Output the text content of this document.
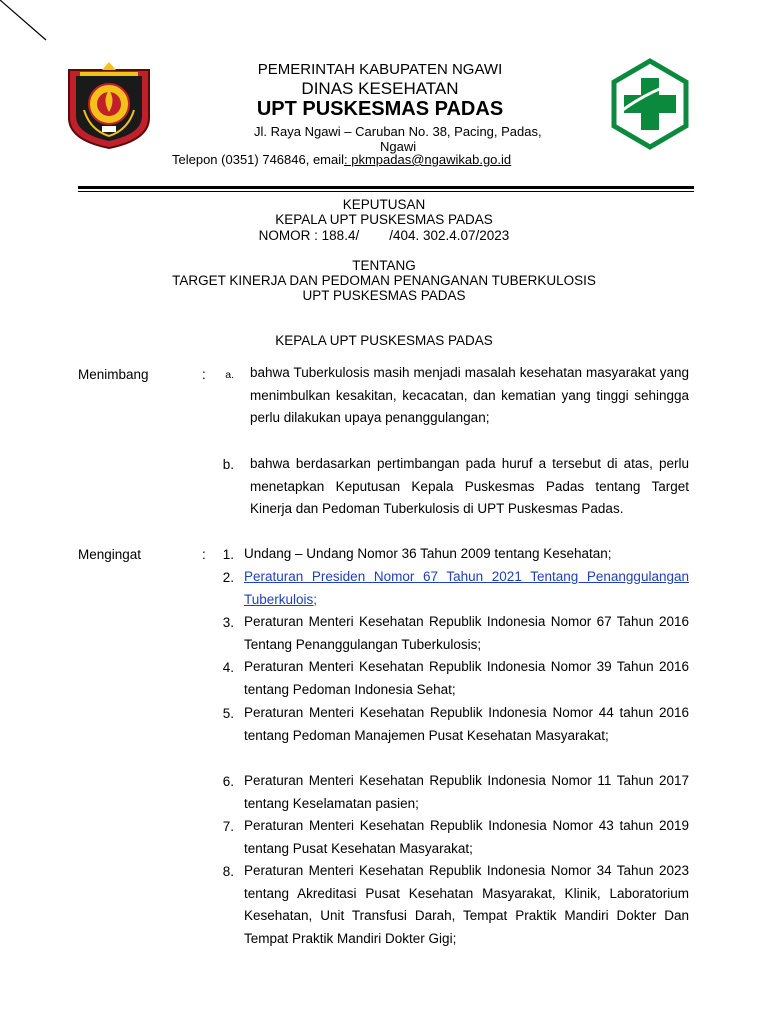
PEMERINTAH KABUPATEN NGAWI
DINAS KESEHATAN
UPT PUSKESMAS PADAS
Jl. Raya Ngawi – Caruban No. 38, Pacing, Padas,
Ngawi
Telepon (0351) 746846, email: pkmpadas@ngawikab.go.id
KEPUTUSAN
KEPALA UPT PUSKESMAS PADAS
NOMOR : 188.4/        /404. 302.4.07/2023
TENTANG
TARGET KINERJA DAN PEDOMAN PENANGANAN TUBERKULOSIS
UPT PUSKESMAS PADAS
KEPALA UPT PUSKESMAS PADAS
Menimbang	:	a. bahwa Tuberkulosis masih menjadi masalah kesehatan masyarakat yang menimbulkan kesakitan, kecacatan, dan kematian yang tinggi sehingga perlu dilakukan upaya penanggulangan;
b. bahwa berdasarkan pertimbangan pada huruf a tersebut di atas, perlu menetapkan Keputusan Kepala Puskesmas Padas tentang Target Kinerja dan Pedoman Tuberkulosis di UPT Puskesmas Padas.
Mengingat	:	1. Undang – Undang Nomor 36 Tahun 2009 tentang Kesehatan;
2. Peraturan Presiden Nomor 67 Tahun 2021 Tentang Penanggulangan Tuberkulois;
3. Peraturan Menteri Kesehatan Republik Indonesia Nomor 67 Tahun 2016 Tentang Penanggulangan Tuberkulosis;
4. Peraturan Menteri Kesehatan Republik Indonesia Nomor 39 Tahun 2016 tentang Pedoman Indonesia Sehat;
5. Peraturan Menteri Kesehatan Republik Indonesia Nomor 44 tahun 2016 tentang Pedoman Manajemen Pusat Kesehatan Masyarakat;
6. Peraturan Menteri Kesehatan Republik Indonesia Nomor 11 Tahun 2017 tentang Keselamatan pasien;
7. Peraturan Menteri Kesehatan Republik Indonesia Nomor 43 tahun 2019 tentang Pusat Kesehatan Masyarakat;
8. Peraturan Menteri Kesehatan Republik Indonesia Nomor 34 Tahun 2023 tentang Akreditasi Pusat Kesehatan Masyarakat, Klinik, Laboratorium Kesehatan, Unit Transfusi Darah, Tempat Praktik Mandiri Dokter Dan Tempat Praktik Mandiri Dokter Gigi;
